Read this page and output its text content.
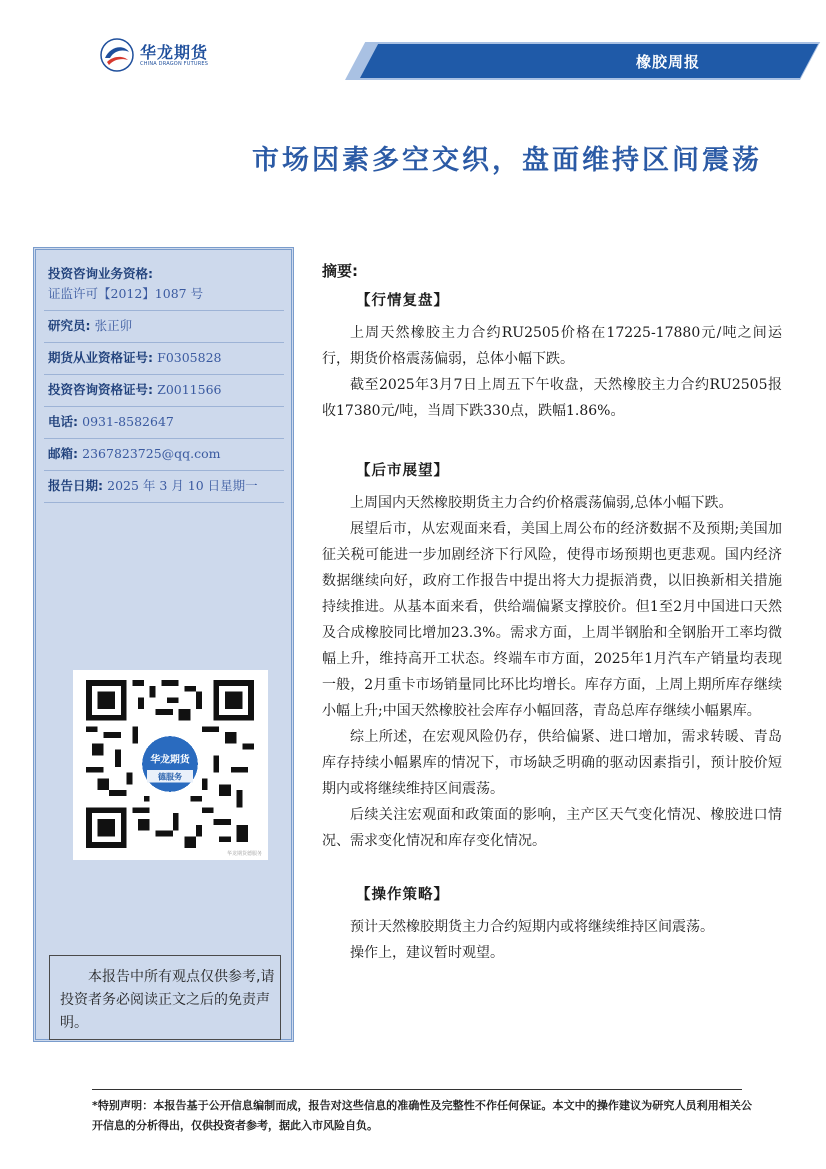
华龙期货
CHINA DRAGON FUTURES	橡胶周报
市场因素多空交织，盘面维持区间震荡
投资咨询业务资格:
证监许可【2012】1087 号
研究员: 张正卯
期货从业资格证号: F0305828
投资咨询资格证号: Z0011566
电话: 0931-8582647
邮箱: 2367823725@qq.com
报告日期: 2025 年 3 月 10 日星期一
华龙期货
德服务
华龙期货德服务
本报告中所有观点仅供参考,请投资者务必阅读正文之后的免责声明。
摘要:
【行情复盘】

上周天然橡胶主力合约RU2505价格在17225-17880元/吨之间运行，期货价格震荡偏弱，总体小幅下跌。

截至2025年3月7日上周五下午收盘，天然橡胶主力合约RU2505报收17380元/吨，当周下跌330点，跌幅1.86%。

【后市展望】

上周国内天然橡胶期货主力合约价格震荡偏弱,总体小幅下跌。

展望后市，从宏观面来看，美国上周公布的经济数据不及预期;美国加征关税可能进一步加剧经济下行风险，使得市场预期也更悲观。国内经济数据继续向好，政府工作报告中提出将大力提振消费，以旧换新相关措施持续推进。从基本面来看，供给端偏紧支撑胶价。但1至2月中国进口天然及合成橡胶同比增加23.3%。需求方面，上周半钢胎和全钢胎开工率均微幅上升，维持高开工状态。终端车市方面，2025年1月汽车产销量均表现一般，2月重卡市场销量同比环比均增长。库存方面，上周上期所库存继续小幅上升;中国天然橡胶社会库存小幅回落，青岛总库存继续小幅累库。

综上所述，在宏观风险仍存，供给偏紧、进口增加，需求转暖、青岛库存持续小幅累库的情况下，市场缺乏明确的驱动因素指引，预计胶价短期内或将继续维持区间震荡。

后续关注宏观面和政策面的影响，主产区天气变化情况、橡胶进口情况、需求变化情况和库存变化情况。

【操作策略】

预计天然橡胶期货主力合约短期内或将继续维持区间震荡。

操作上，建议暂时观望。

*特别声明：本报告基于公开信息编制而成，报告对这些信息的准确性及完整性不作任何保证。本文中的操作建议为研究人员利用相关公开信息的分析得出，仅供投资者参考，据此入市风险自负。
